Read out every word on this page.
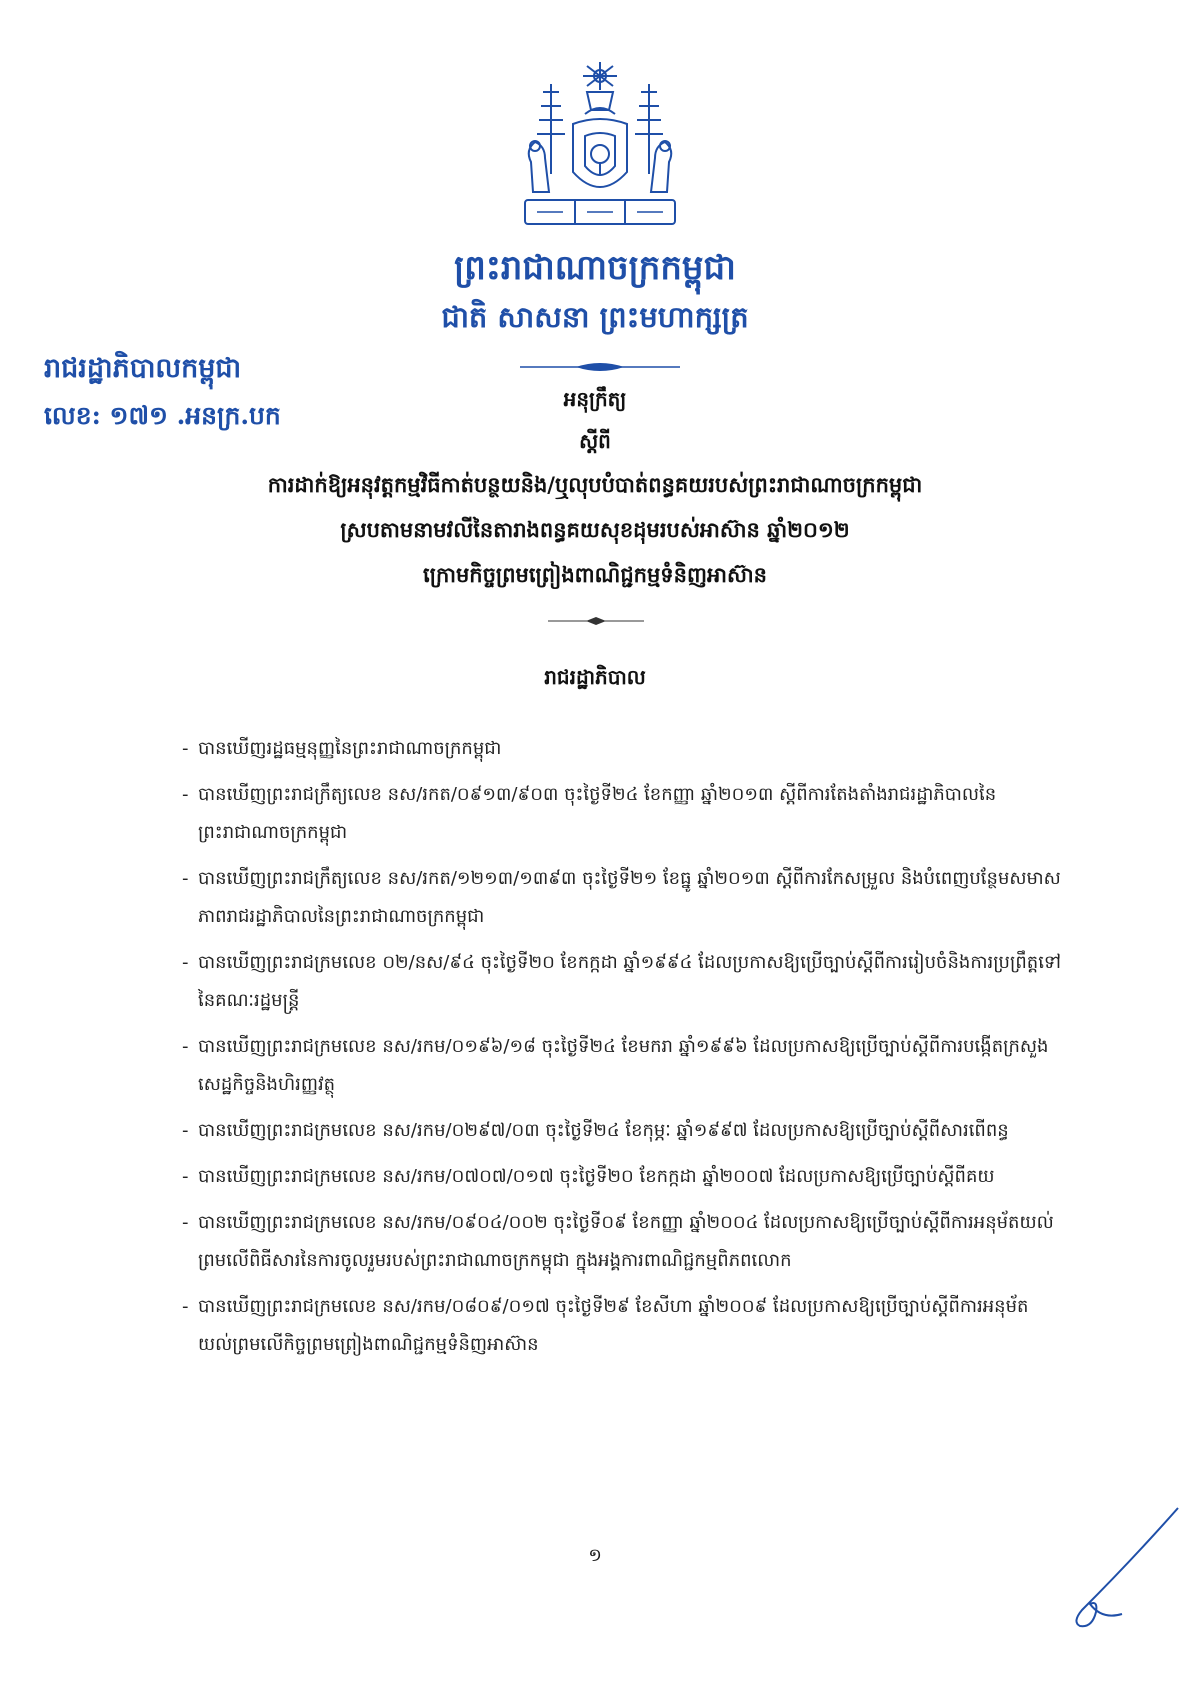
ព្រះរាជាណាចក្រកម្ពុជា
ជាតិ សាសនា ព្រះមហាក្សត្រ
រាជរដ្ឋាភិបាលកម្ពុជា
លេខ: ១៧១ .អនក្រ.បក
អនុក្រឹត្យ
ស្តីពី
ការដាក់ឱ្យអនុវត្តកម្មវិធីកាត់បន្ថយនិង/ឬលុបបំបាត់ពន្ធគយរបស់ព្រះរាជាណាចក្រកម្ពុជា
ស្របតាមនាមវលីនៃតារាងពន្ធគយសុខដុមរបស់អាស៊ាន ឆ្នាំ២០១២
ក្រោមកិច្ចព្រមព្រៀងពាណិជ្ជកម្មទំនិញអាស៊ាន
រាជរដ្ឋាភិបាល
- បានឃើញរដ្ឋធម្មនុញ្ញនៃព្រះរាជាណាចក្រកម្ពុជា
- បានឃើញព្រះរាជក្រឹត្យលេខ នស/រកត/០៩១៣/៩០៣ ចុះថ្ងៃទី២៤ ខែកញ្ញា ឆ្នាំ២០១៣ ស្តីពីការតែងតាំងរាជរដ្ឋាភិបាលនៃព្រះរាជាណាចក្រកម្ពុជា
- បានឃើញព្រះរាជក្រឹត្យលេខ នស/រកត/១២១៣/១៣៩៣ ចុះថ្ងៃទី២១ ខែធ្នូ ឆ្នាំ២០១៣ ស្តីពីការកែសម្រួល និងបំពេញបន្ថែមសមាសភាពរាជរដ្ឋាភិបាលនៃព្រះរាជាណាចក្រកម្ពុជា
- បានឃើញព្រះរាជក្រមលេខ ០២/នស/៩៤ ចុះថ្ងៃទី២០ ខែកក្កដា ឆ្នាំ១៩៩៤ ដែលប្រកាសឱ្យប្រើច្បាប់ស្តីពីការរៀបចំនិងការប្រព្រឹត្តទៅនៃគណៈរដ្ឋមន្ត្រី
- បានឃើញព្រះរាជក្រមលេខ នស/រកម/០១៩៦/១៨ ចុះថ្ងៃទី២៤ ខែមករា ឆ្នាំ១៩៩៦ ដែលប្រកាសឱ្យប្រើច្បាប់ស្តីពីការបង្កើតក្រសួងសេដ្ឋកិច្ចនិងហិរញ្ញវត្ថុ
- បានឃើញព្រះរាជក្រមលេខ នស/រកម/០២៩៧/០៣ ចុះថ្ងៃទី២៤ ខែកុម្ភៈ ឆ្នាំ១៩៩៧ ដែលប្រកាសឱ្យប្រើច្បាប់ស្តីពីសារពើពន្ធ
- បានឃើញព្រះរាជក្រមលេខ នស/រកម/០៧០៧/០១៧ ចុះថ្ងៃទី២០ ខែកក្កដា ឆ្នាំ២០០៧ ដែលប្រកាសឱ្យប្រើច្បាប់ស្តីពីគយ
- បានឃើញព្រះរាជក្រមលេខ នស/រកម/០៩០៤/០០២ ចុះថ្ងៃទី០៩ ខែកញ្ញា ឆ្នាំ២០០៤ ដែលប្រកាសឱ្យប្រើច្បាប់ស្តីពីការអនុម័តយល់ព្រមលើពិធីសារនៃការចូលរួមរបស់ព្រះរាជាណាចក្រកម្ពុជា ក្នុងអង្គការពាណិជ្ជកម្មពិភពលោក
- បានឃើញព្រះរាជក្រមលេខ នស/រកម/០៨០៩/០១៧ ចុះថ្ងៃទី២៩ ខែសីហា ឆ្នាំ២០០៩ ដែលប្រកាសឱ្យប្រើច្បាប់ស្តីពីការអនុម័តយល់ព្រមលើកិច្ចព្រមព្រៀងពាណិជ្ជកម្មទំនិញអាស៊ាន
១
